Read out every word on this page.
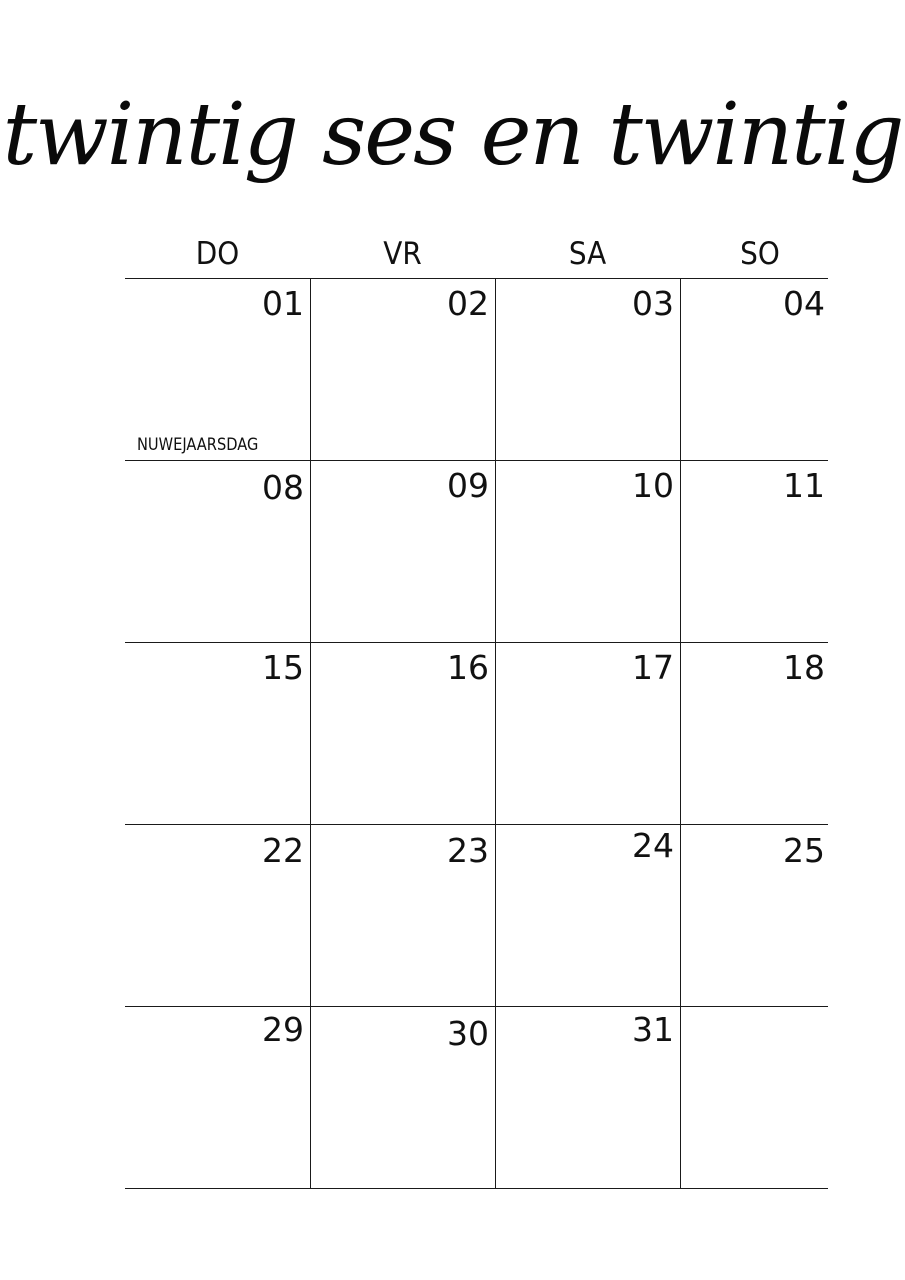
twintig ses en twintig
DO	VR	SA	SO
01	02	03	04
NUWEJAARSDAG
08	09	10	11
15	16	17	18
22	23	24	25
29	30	31
